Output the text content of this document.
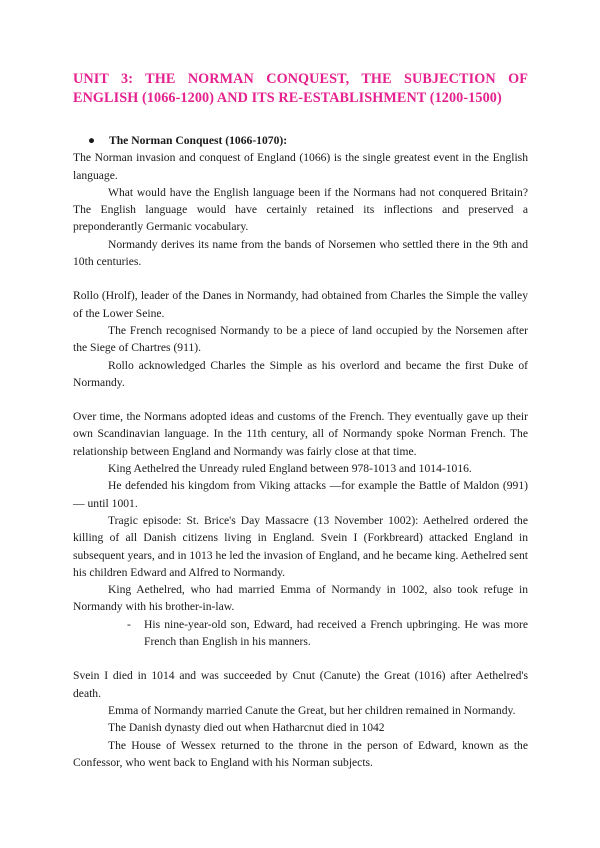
UNIT 3: THE NORMAN CONQUEST, THE SUBJECTION OF ENGLISH (1066-1200) AND ITS RE-ESTABLISHMENT (1200-1500)
● The Norman Conquest (1066-1070):

The Norman invasion and conquest of England (1066) is the single greatest event in the English language.

What would have the English language been if the Normans had not conquered Britain? The English language would have certainly retained its inflections and preserved a preponderantly Germanic vocabulary.

Normandy derives its name from the bands of Norsemen who settled there in the 9th and 10th centuries.

Rollo (Hrolf), leader of the Danes in Normandy, had obtained from Charles the Simple the valley of the Lower Seine.

The French recognised Normandy to be a piece of land occupied by the Norsemen after the Siege of Chartres (911).

Rollo acknowledged Charles the Simple as his overlord and became the first Duke of Normandy.

Over time, the Normans adopted ideas and customs of the French. They eventually gave up their own Scandinavian language. In the 11th century, all of Normandy spoke Norman French. The relationship between England and Normandy was fairly close at that time.

King Aethelred the Unready ruled England between 978-1013 and 1014-1016.

He defended his kingdom from Viking attacks —for example the Battle of Maldon (991)— until 1001.

Tragic episode: St. Brice's Day Massacre (13 November 1002): Aethelred ordered the killing of all Danish citizens living in England. Svein I (Forkbreard) attacked England in subsequent years, and in 1013 he led the invasion of England, and he became king. Aethelred sent his children Edward and Alfred to Normandy.

King Aethelred, who had married Emma of Normandy in 1002, also took refuge in Normandy with his brother-in-law.

- His nine-year-old son, Edward, had received a French upbringing. He was more French than English in his manners.

Svein I died in 1014 and was succeeded by Cnut (Canute) the Great (1016) after Aethelred's death.

Emma of Normandy married Canute the Great, but her children remained in Normandy.

The Danish dynasty died out when Hatharcnut died in 1042

The House of Wessex returned to the throne in the person of Edward, known as the Confessor, who went back to England with his Norman subjects.
